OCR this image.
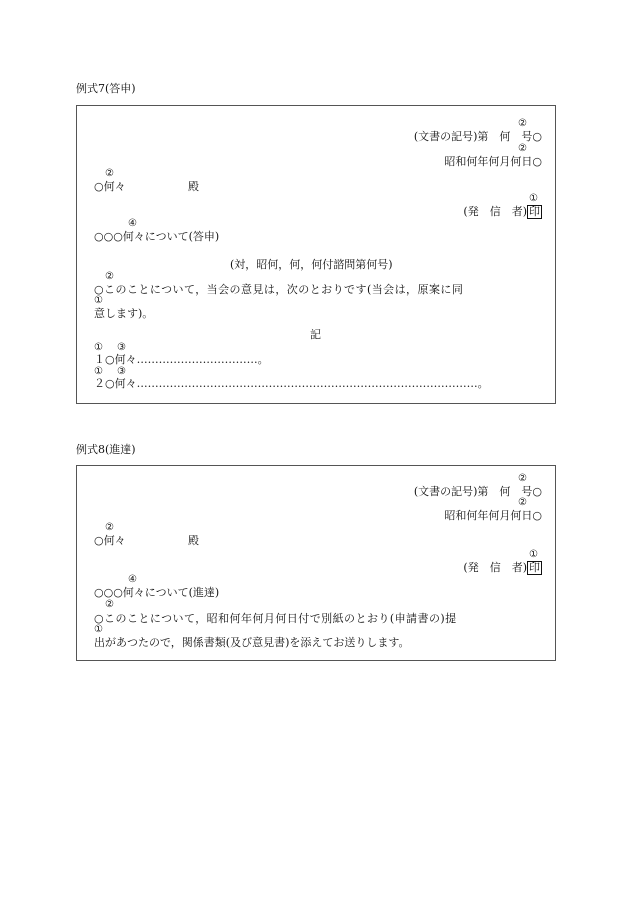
例式7(答申)
②
(文書の記号)第　何　号○
②
昭和何年何月何日○
②
○何々	殿
①
(発　信　者) 印
④
○○○何々について(答申)
(対，昭何，何，何付諮問第何号)
②
○このことについて，当会の意見は，次のとおりです(当会は，原案に同
①
意します)。
記
① ③
１○何々……………………………。
① ③
２○何々…………………………………………………………………………………。
例式8(進達)
②
(文書の記号)第　何　号○
②
昭和何年何月何日○
②
○何々	殿
①
(発　信　者) 印
④
○○○何々について(進達)
②
○このことについて，昭和何年何月何日付で別紙のとおり(申請書の)提
①
出があつたので，関係書類(及び意見書)を添えてお送りします。
